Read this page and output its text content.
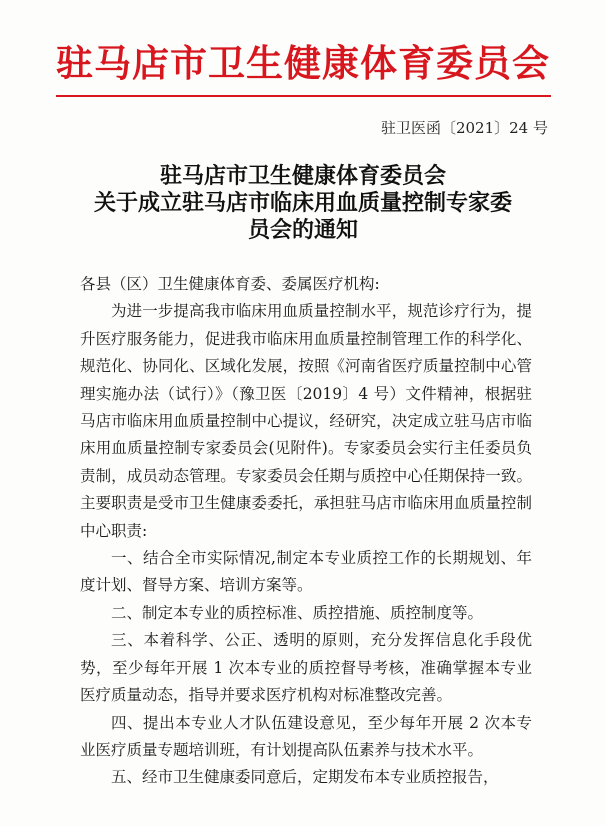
驻马店市卫生健康体育委员会
驻卫医函〔2021〕24 号
驻马店市卫生健康体育委员会
关于成立驻马店市临床用血质量控制专家委
员会的通知

各县（区）卫生健康体育委、委属医疗机构:

为进一步提高我市临床用血质量控制水平，规范诊疗行为，提升医疗服务能力，促进我市临床用血质量控制管理工作的科学化、规范化、协同化、区域化发展，按照《河南省医疗质量控制中心管理实施办法（试行）》（豫卫医〔2019〕4 号）文件精神，根据驻马店市临床用血质量控制中心提议，经研究，决定成立驻马店市临床用血质量控制专家委员会(见附件)。专家委员会实行主任委员负责制，成员动态管理。专家委员会任期与质控中心任期保持一致。主要职责是受市卫生健康委委托，承担驻马店市临床用血质量控制中心职责:

一、结合全市实际情况,制定本专业质控工作的长期规划、年度计划、督导方案、培训方案等。

二、制定本专业的质控标准、质控措施、质控制度等。

三、本着科学、公正、透明的原则，充分发挥信息化手段优势，至少每年开展 1 次本专业的质控督导考核，准确掌握本专业医疗质量动态，指导并要求医疗机构对标准整改完善。

四、提出本专业人才队伍建设意见，至少每年开展 2 次本专业医疗质量专题培训班，有计划提高队伍素养与技术水平。

五、经市卫生健康委同意后，定期发布本专业质控报告，
